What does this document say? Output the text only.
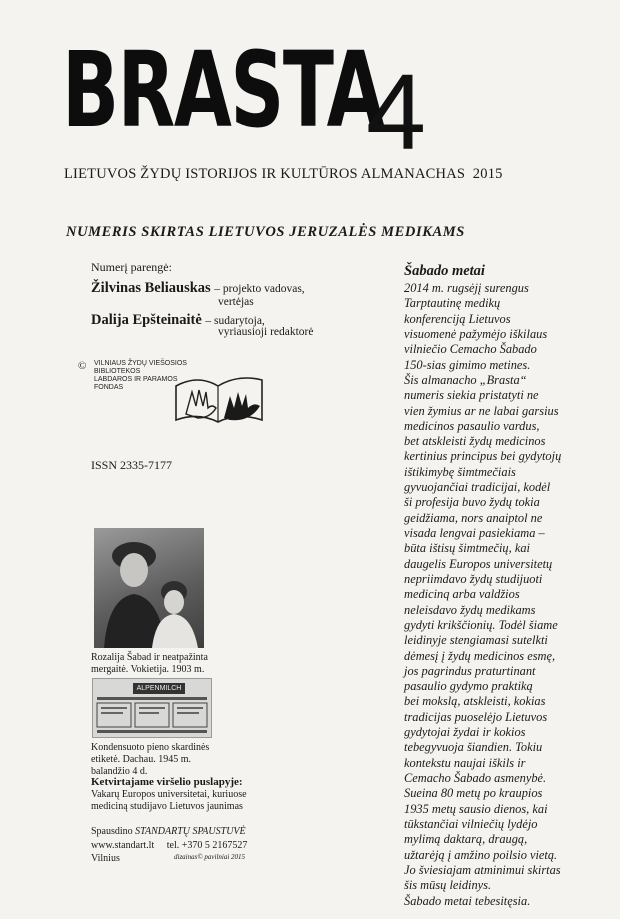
BRASTA
4
LIETUVOS ŽYDŲ ISTORIJOS IR KULTŪROS ALMANACHAS 2015
NUMERIS SKIRTAS LIETUVOS JERUZALĖS MEDIKAMS
Numerį parengė:
Žilvinas Beliauskas – projekto vadovas,
vertėjas
Dalija Epšteinaitė – sudarytoja,
vyriausioji redaktorė
© VILNIAUS ŽYDŲ VIEŠOSIOS BIBLIOTEKOS
LABDAROS IR PARAMOS FONDAS
ISSN 2335-7177
Rozalija Šabad ir neatpažinta
mergaitė. Vokietija. 1903 m.
ALPENMILCH
Kondensuoto pieno skardinės
etiketė. Dachau. 1945 m. balandžio 4 d.
Ketvirtajame viršelio puslapyje:
Vakarų Europos universitetai, kuriuose
mediciną studijavo Lietuvos jaunimas
Spausdino STANDARTŲ SPAUSTUVĖ
www.standart.lt tel. +370 5 2167527
Vilnius	dizainas© pavilniai 2015
Šabado metai
2014 m. rugsėjį surengus
Tarptautinę medikų
konferenciją Lietuvos
visuomenė pažymėjo iškilaus
vilniečio Cemacho Šabado
150-sias gimimo metines.
Šis almanacho „Brasta“
numeris siekia pristatyti ne
vien žymius ar ne labai garsius
medicinos pasaulio vardus,
bet atskleisti žydų medicinos
kertinius principus bei gydytojų
ištikimybę šimtmečiais
gyvuojančiai tradicijai, kodėl
ši profesija buvo žydų tokia
geidžiama, nors anaiptol ne
visada lengvai pasiekiama –
būta ištisų šimtmečių, kai
daugelis Europos universitetų
nepriimdavo žydų studijuoti
medicinq arba valdžios
neleisdavo žydų medikams
gydyti krikščionių. Todėl šiame
leidinyje stengiamasi sutelkti
dėmesį į žydų medicinos esmę,
jos pagrindus praturtinant
pasaulio gydymo praktiką
bei mokslą, atskleisti, kokias
tradicijas puoselėjo Lietuvos
gydytojai žydai ir kokios
tebegyvuoja šiandien. Tokiu
kontekstu naujai iškils ir
Cemacho Šabado asmenybė.
Sueina 80 metų po kraupios
1935 metų sausio dienos, kai
tūkstančiai vilniečių lydėjo
mylimą daktarą, draugą,
užtarėją į amžino poilsio vietą.
Jo šviesiajam atminimui skirtas
šis mūsų leidinys.
Šabado metai tebesitęsia.
